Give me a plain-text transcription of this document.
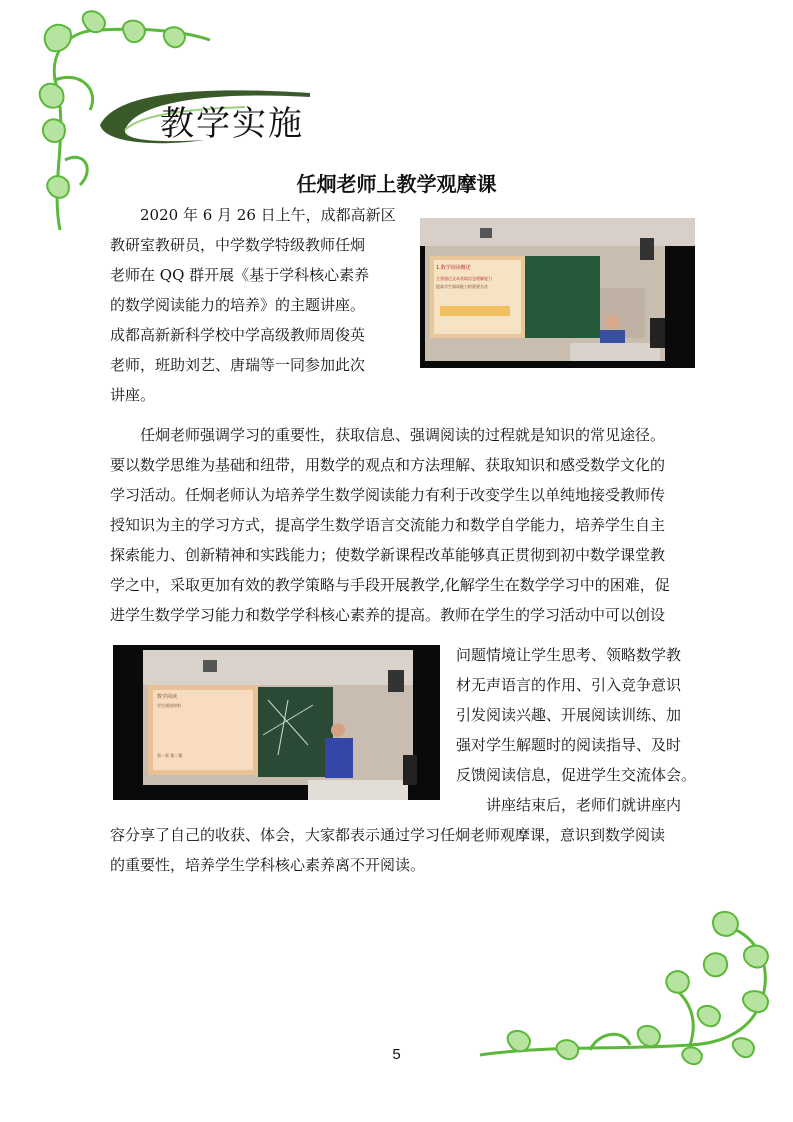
教学实施
任炯老师上教学观摩课
2020 年 6 月 26 日上午，成都高新区
教研室教研员，中学数学特级教师任炯
老师在 QQ 群开展《基于学科核心素养
的数学阅读能力的培养》的主题讲座。
成都高新新科学校中学高级教师周俊英
老师，班助刘艺、唐瑞等一同参加此次
讲座。
1.数学阅读概述
主要通过文本获取信息理解能力
提高学生阅读能力的重要方法
任炯老师强调学习的重要性，获取信息、强调阅读的过程就是知识的常见途径。
要以数学思维为基础和纽带，用数学的观点和方法理解、获取知识和感受数学文化的
学习活动。任炯老师认为培养学生数学阅读能力有利于改变学生以单纯地接受教师传
授知识为主的学习方式，提高学生数学语言交流能力和数学自学能力，培养学生自主
探索能力、创新精神和实践能力；使数学新课程改革能够真正贯彻到初中数学课堂教
学之中，采取更加有效的教学策略与手段开展教学,化解学生在数学学习中的困难，促
进学生数学学习能力和数学学科核心素养的提高。教师在学生的学习活动中可以创设
数学阅读
学生阅读材料
第一章 第二课
问题情境让学生思考、领略数学教
材无声语言的作用、引入竞争意识
引发阅读兴趣、开展阅读训练、加
强对学生解题时的阅读指导、及时
反馈阅读信息，促进学生交流体会。
讲座结束后，老师们就讲座内
容分享了自己的收获、体会，大家都表示通过学习任炯老师观摩课，意识到数学阅读
的重要性，培养学生学科核心素养离不开阅读。
5
